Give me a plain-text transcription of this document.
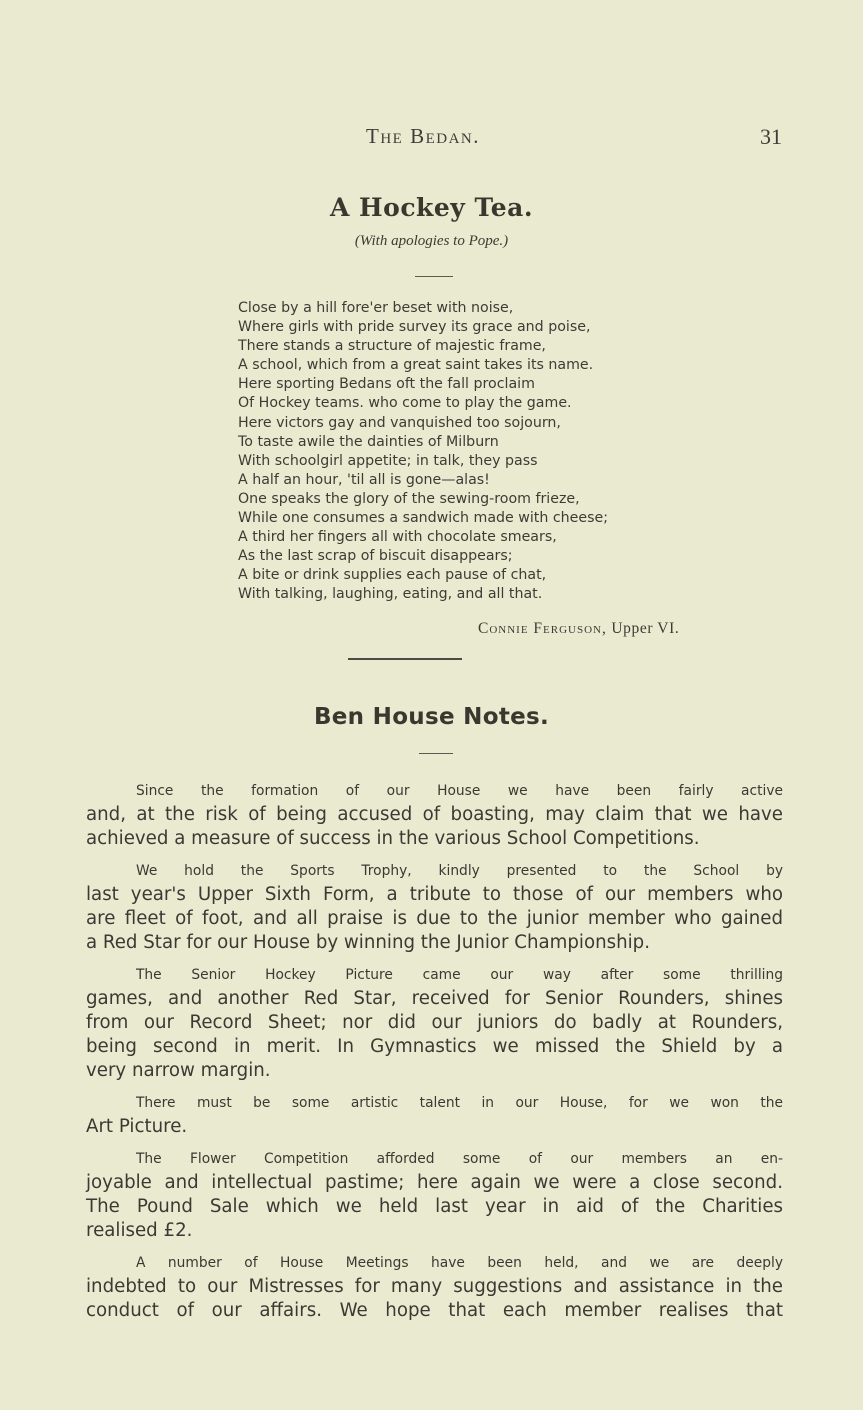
The Bedan.	31
A Hockey Tea.
(With apologies to Pope.)
Close by a hill fore'er beset with noise,
Where girls with pride survey its grace and poise,
There stands a structure of majestic frame,
A school, which from a great saint takes its name.
Here sporting Bedans oft the fall proclaim
Of Hockey teams. who come to play the game.
Here victors gay and vanquished too sojourn,
To taste awile the dainties of Milburn
With schoolgirl appetite; in talk, they pass
A half an hour, 'til all is gone—alas!
One speaks the glory of the sewing-room frieze,
While one consumes a sandwich made with cheese;
A third her fingers all with chocolate smears,
As the last scrap of biscuit disappears;
A bite or drink supplies each pause of chat,
With talking, laughing, eating, and all that.
Connie Ferguson, Upper VI.
Ben House Notes.

Since the formation of our House we have been fairly active
and, at the risk of being accused of boasting, may claim that we have
achieved a measure of success in the various School Competitions.

We hold the Sports Trophy, kindly presented to the School by
last year's Upper Sixth Form, a tribute to those of our members who
are fleet of foot, and all praise is due to the junior member who gained
a Red Star for our House by winning the Junior Championship.

The Senior Hockey Picture came our way after some thrilling
games, and another Red Star, received for Senior Rounders, shines
from our Record Sheet; nor did our juniors do badly at Rounders,
being second in merit. In Gymnastics we missed the Shield by a
very narrow margin.

There must be some artistic talent in our House, for we won the
Art Picture.

The Flower Competition afforded some of our members an en-
joyable and intellectual pastime; here again we were a close second.
The Pound Sale which we held last year in aid of the Charities
realised £2.

A number of House Meetings have been held, and we are deeply
indebted to our Mistresses for many suggestions and assistance in the
conduct of our affairs. We hope that each member realises that
